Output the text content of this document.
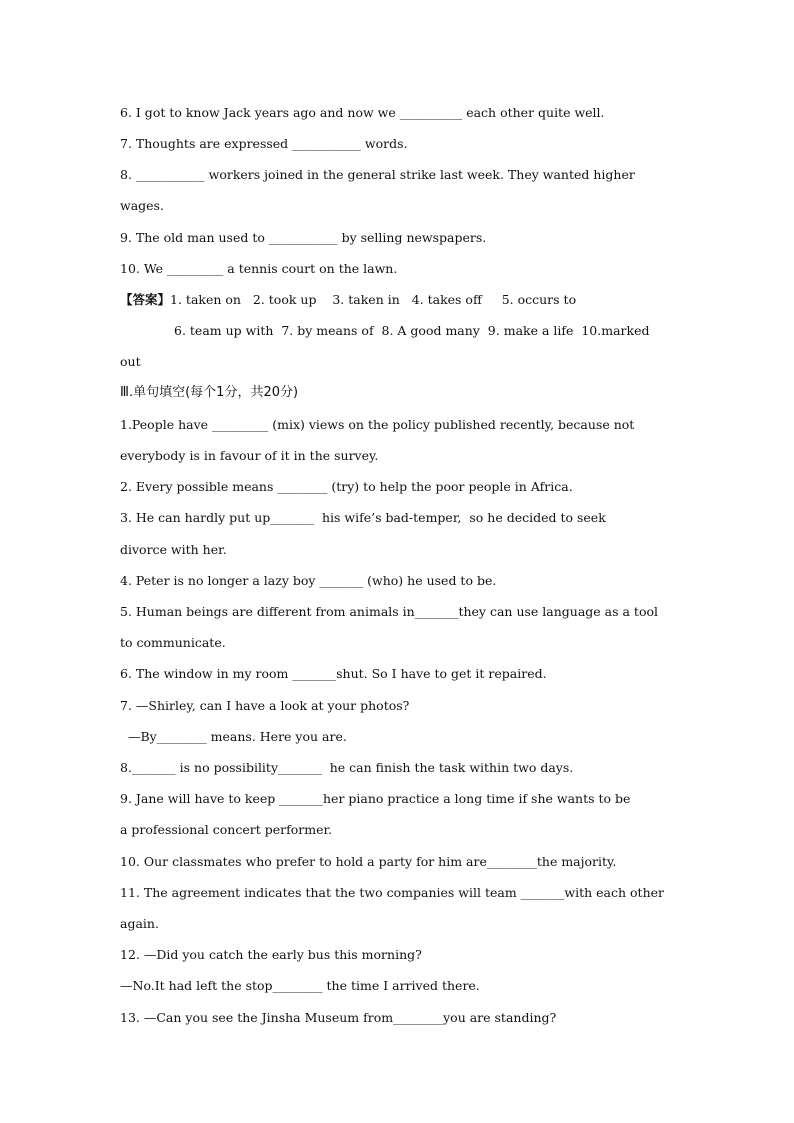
6. I got to know Jack years ago and now we __________ each other quite well.
7. Thoughts are expressed ___________ words.
8. ___________ workers joined in the general strike last week. They wanted higher
wages.
9. The old man used to ___________ by selling newspapers.
10. We _________ a tennis court on the lawn.
【答案】1. taken on   2. took up    3. taken in   4. takes off     5. occurs to
6. team up with  7. by means of  8. A good many  9. make a life  10.marked
out
Ⅲ.单句填空(每个1分，共20分)
1.People have _________ (mix) views on the policy published recently, because not
everybody is in favour of it in the survey.
2. Every possible means ________ (try) to help the poor people in Africa.
3. He can hardly put up_______  his wife’s bad-temper,  so he decided to seek
divorce with her.
4. Peter is no longer a lazy boy _______ (who) he used to be.
5. Human beings are different from animals in_______they can use language as a tool
to communicate.
6. The window in my room _______shut. So I have to get it repaired.
7. —Shirley, can I have a look at your photos?
—By________ means. Here you are.
8._______ is no possibility_______  he can finish the task within two days.
9. Jane will have to keep _______her piano practice a long time if she wants to be
a professional concert performer.
10. Our classmates who prefer to hold a party for him are________the majority.
11. The agreement indicates that the two companies will team _______with each other
again.
12. —Did you catch the early bus this morning?
—No.It had left the stop________ the time I arrived there.
13. —Can you see the Jinsha Museum from________you are standing?
